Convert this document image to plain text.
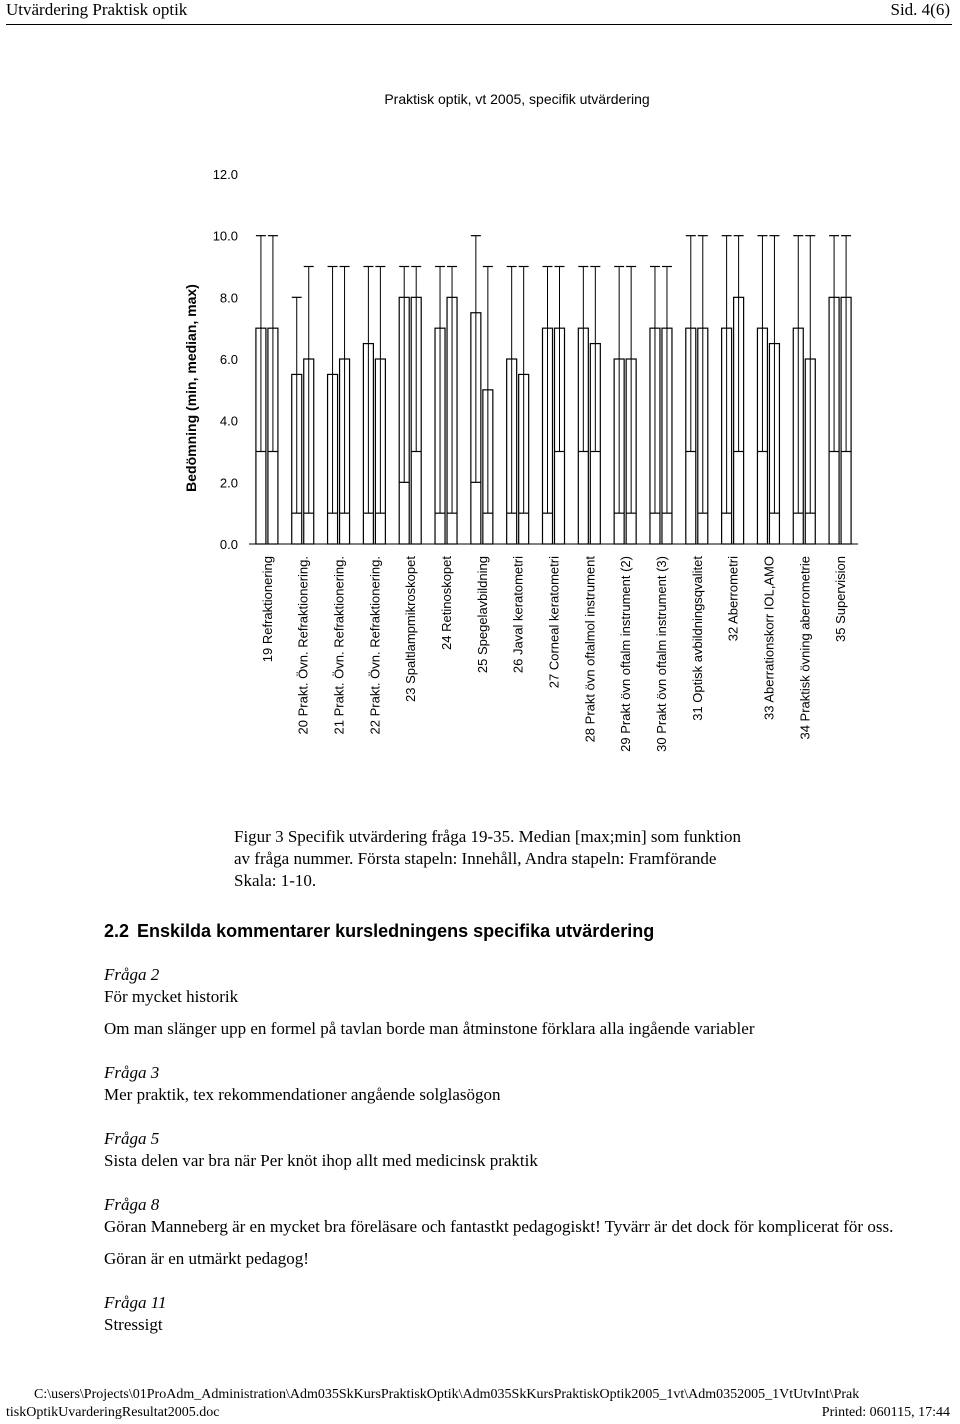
Utvärdering Praktisk optik	Sid. 4(6)
Praktisk optik, vt 2005, specifik utvärdering
Bedömning (min, median, max)
0.0
2.0
4.0
6.0
8.0
10.0
12.0
19 Refraktionering 20 Prakt. Övn. Refraktionering. 21 Prakt. Övn. Refraktionering. 22 Prakt. Övn. Refraktionering. 23 Spaltlampmikroskopet 24 Retinoskopet 25 Spegelavbildning 26 Javal keratometri 27 Corneal keratometri 28 Prakt övn oftalmol instrument 29 Prakt övn oftalm instrument (2) 30 Prakt övn oftalm instrument (3) 31 Optisk avbildningsqvalitet 32 Aberrometri 33 Aberrationskorr IOL,AMO 34 Praktisk övning aberrometrie 35 Supervision
Figur 3 Specifik utvärdering fråga 19-35. Median [max;min] som funktion
av fråga nummer. Första stapeln: Innehåll, Andra stapeln: Framförande
Skala: 1-10.
2.2 Enskilda kommentarer kursledningens specifika utvärdering

Fråga 2

För mycket historik

Om man slänger upp en formel på tavlan borde man åtminstone förklara alla ingående variabler

Fråga 3

Mer praktik, tex rekommendationer angående solglasögon

Fråga 5

Sista delen var bra när Per knöt ihop allt med medicinsk praktik

Fråga 8

Göran Manneberg är en mycket bra föreläsare och fantastkt pedagogiskt! Tyvärr är det dock för komplicerat för oss.

Göran är en utmärkt pedagog!

Fråga 11

Stressigt

C:\users\Projects\01ProAdm_Administration\Adm035SkKursPraktiskOptik\Adm035SkKursPraktiskOptik2005_1vt\Adm0352005_1VtUtvInt\Prak
tiskOptikUvarderingResultat2005.doc	Printed: 060115, 17:44
